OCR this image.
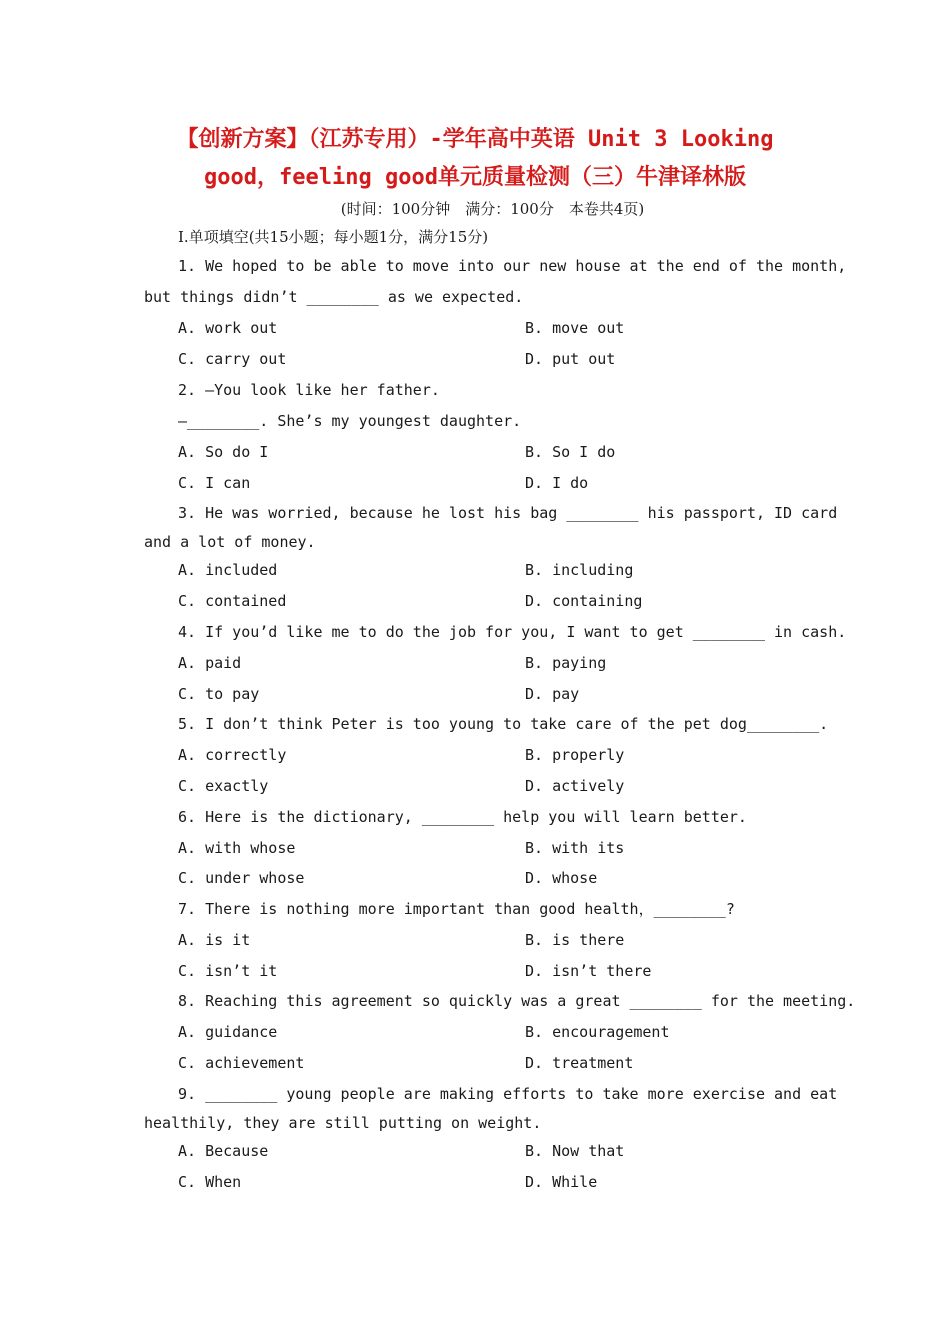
【创新方案】（江苏专用）-学年高中英语 Unit 3 Looking
good，feeling good单元质量检测（三）牛津译林版
(时间：100分钟　满分：100分　本卷共4页)
Ⅰ.单项填空(共15小题；每小题1分，满分15分)
1. We hoped to be able to move into our new house at the end of the month,
but things didn’t ________ as we expected.
A. work out	B. move out
C. carry out	D. put out
2. —You look like her father.
—________. She’s my youngest daughter.
A. So do I	B. So I do
C. I can	D. I do
3. He was worried, because he lost his bag ________ his passport, ID card
and a lot of money.
A. included	B. including
C. contained	D. containing
4. If you’d like me to do the job for you, I want to get ________ in cash.
A. paid	B. paying
C. to pay	D. pay
5. I don’t think Peter is too young to take care of the pet dog________.
A. correctly	B. properly
C. exactly	D. actively
6. Here is the dictionary, ________ help you will learn better.
A. with whose	B. with its
C. under whose	D. whose
7. There is nothing more important than good health，________?
A. is it	B. is there
C. isn’t it	D. isn’t there
8. Reaching this agreement so quickly was a great ________ for the meeting.
A. guidance	B. encouragement
C. achievement	D. treatment
9. ________ young people are making efforts to take more exercise and eat
healthily, they are still putting on weight.
A. Because	B. Now that
C. When	D. While
